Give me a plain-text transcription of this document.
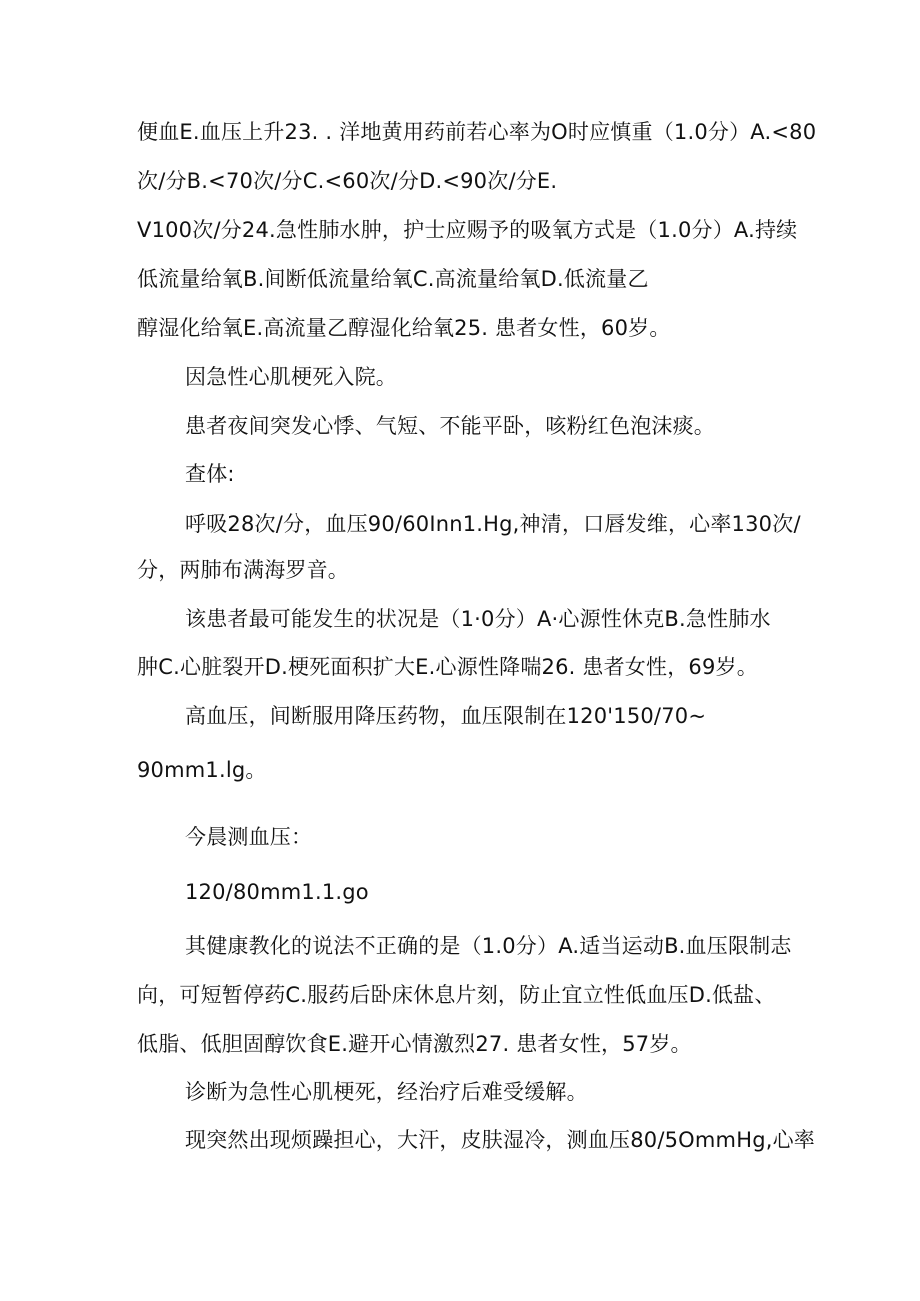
便血E.血压上升23. . 洋地黄用药前若心率为O时应慎重（1.0分）A.<80

次/分B.<70次/分C.<60次/分D.<90次/分E.

V100次/分24.急性肺水肿，护士应赐予的吸氧方式是（1.0分）A.持续

低流量给氧B.间断低流量给氧C.高流量给氧D.低流量乙

醇湿化给氧E.高流量乙醇湿化给氧25. 患者女性，60岁。

因急性心肌梗死入院。

患者夜间突发心悸、气短、不能平卧，咳粉红色泡沫痰。

查体:

呼吸28次/分，血压90/60Inn1.Hg,神清，口唇发维，心率130次/

分，两肺布满海罗音。

该患者最可能发生的状况是（1·0分）A·心源性休克B.急性肺水

肿C.心脏裂开D.梗死面积扩大E.心源性降喘26. 患者女性，69岁。

高血压，间断服用降压药物，血压限制在120'150/70~

90mm1.lg。

今晨测血压：

120/80mm1.1.go

其健康教化的说法不正确的是（1.0分）A.适当运动B.血压限制志

向，可短暂停药C.服药后卧床休息片刻，防止宜立性低血压D.低盐、

低脂、低胆固醇饮食E.避开心情激烈27. 患者女性，57岁。

诊断为急性心肌梗死，经治疗后难受缓解。

现突然出现烦躁担心，大汗，皮肤湿冷，测血压80/5OmmHg,心率
